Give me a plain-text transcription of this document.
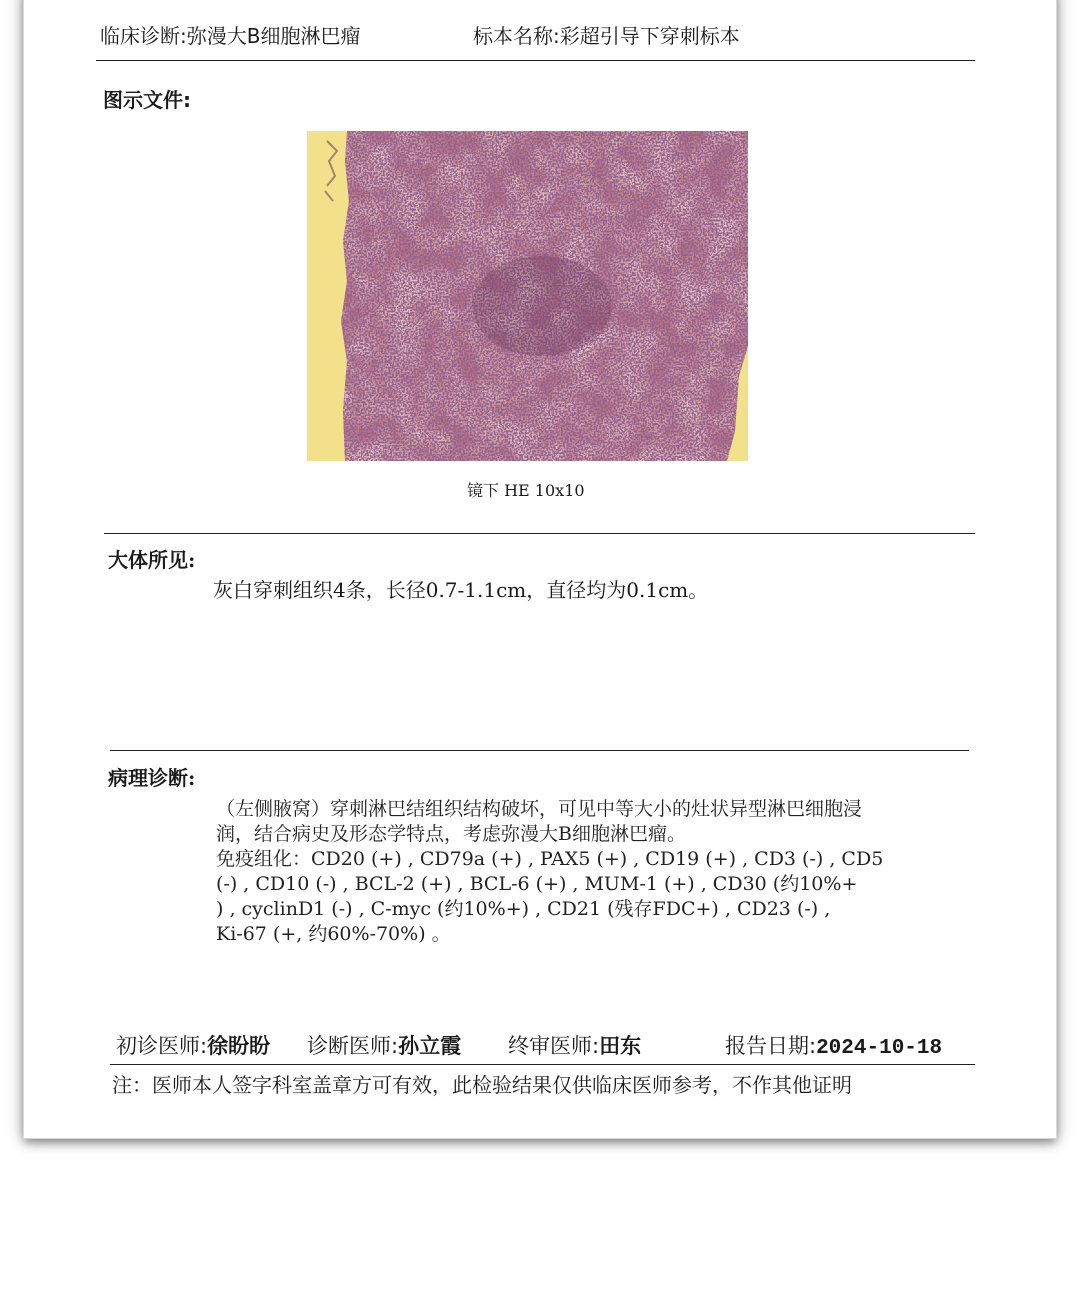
临床诊断:弥漫大B细胞淋巴瘤	标本名称:彩超引导下穿刺标本
图示文件:
镜下 HE 10x10
大体所见:
灰白穿刺组织4条，长径0.7-1.1cm，直径均为0.1cm。
病理诊断:

（左侧腋窝）穿刺淋巴结组织结构破坏，可见中等大小的灶状异型淋巴细胞浸

润，结合病史及形态学特点，考虑弥漫大B细胞淋巴瘤。

免疫组化：CD20 (+) , CD79a (+) , PAX5 (+) , CD19 (+) , CD3 (-) , CD5

(-) , CD10 (-) , BCL-2 (+) , BCL-6 (+) , MUM-1 (+) , CD30 (约10%+

) , cyclinD1 (-) , C-myc (约10%+) , CD21 (残存FDC+) , CD23 (-) ,

Ki-67 (+, 约60%-70%) 。

初诊医师:徐盼盼 诊断医师:孙立霞 终审医师:田东	报告日期:2024-10-18
注：医师本人签字科室盖章方可有效，此检验结果仅供临床医师参考，不作其他证明
